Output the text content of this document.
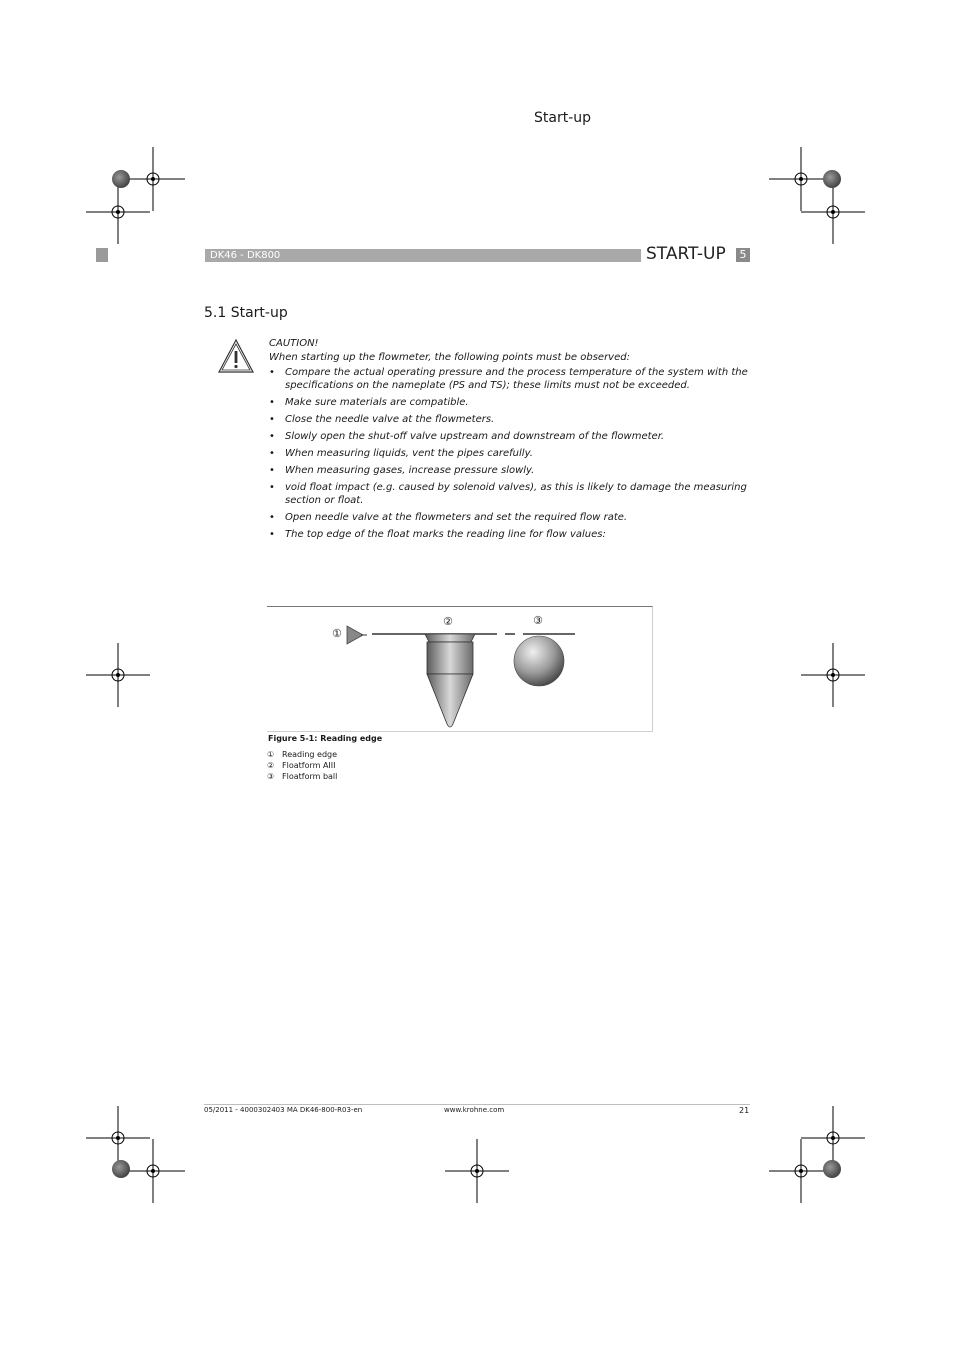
Start-up
DK46 - DK800	START-UP	5
5.1 Start-up
CAUTION!
When starting up the flowmeter, the following points must be observed:
• Compare the actual operating pressure and the process temperature of the system with the specifications on the nameplate (PS and TS); these limits must not be exceeded.
• Make sure materials are compatible.
• Close the needle valve at the flowmeters.
• Slowly open the shut-off valve upstream and downstream of the flowmeter.
• When measuring liquids, vent the pipes carefully.
• When measuring gases, increase pressure slowly.
• void float impact (e.g. caused by solenoid valves), as this is likely to damage the measuring section or float.
• Open needle valve at the flowmeters and set the required flow rate.
• The top edge of the float marks the reading line for flow values:
①
②	③
Figure 5-1: Reading edge
① Reading edge
② Floatform AIII
③ Floatform ball
05/2011 - 4000302403 MA DK46-800-R03-en	www.krohne.com	21
